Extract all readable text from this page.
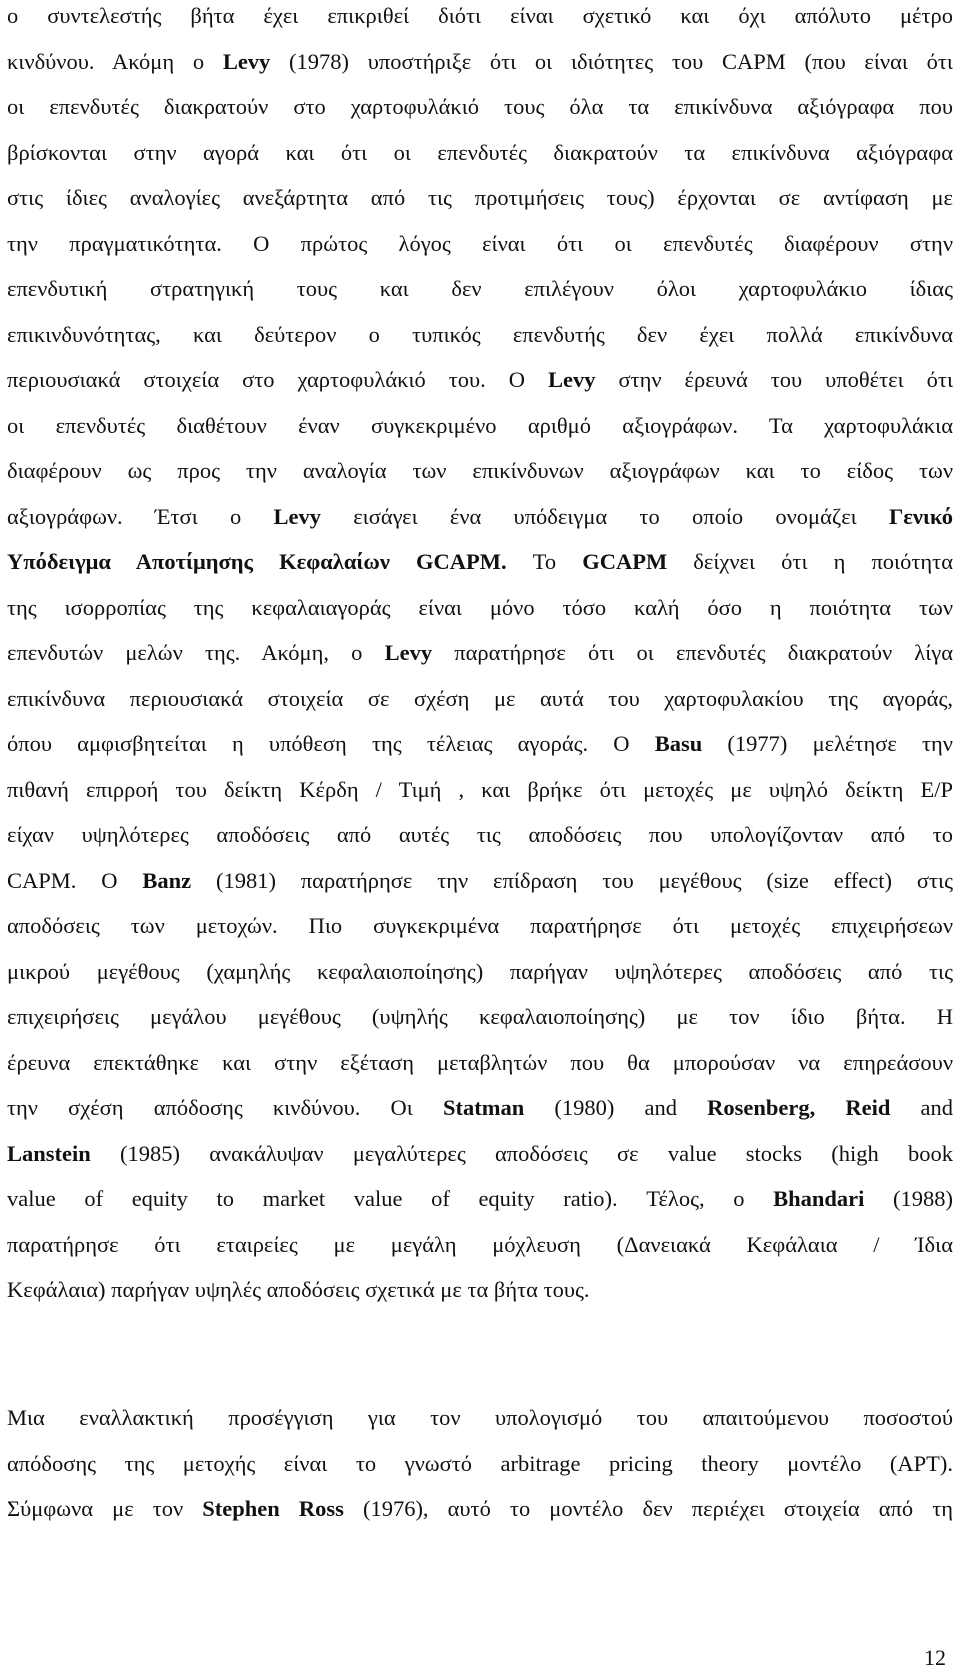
ο συντελεστής βήτα έχει επικριθεί διότι είναι σχετικό και όχι απόλυτο μέτρο
κινδύνου. Ακόμη ο Levy (1978) υποστήριξε ότι οι ιδιότητες του CAPM (που είναι ότι
οι επενδυτές διακρατούν στο χαρτοφυλάκιό τους όλα τα επικίνδυνα αξιόγραφα που
βρίσκονται στην αγορά και ότι οι επενδυτές διακρατούν τα επικίνδυνα αξιόγραφα
στις ίδιες αναλογίες ανεξάρτητα από τις προτιμήσεις τους) έρχονται σε αντίφαση με
την πραγματικότητα. Ο πρώτος λόγος είναι ότι οι επενδυτές διαφέρουν στην
επενδυτική στρατηγική τους και δεν επιλέγουν όλοι χαρτοφυλάκιο ίδιας
επικινδυνότητας, και δεύτερον ο τυπικός επενδυτής δεν έχει πολλά επικίνδυνα
περιουσιακά στοιχεία στο χαρτοφυλάκιό του. Ο Levy στην έρευνά του υποθέτει ότι
οι επενδυτές διαθέτουν έναν συγκεκριμένο αριθμό αξιογράφων. Τα χαρτοφυλάκια
διαφέρουν ως προς την αναλογία των επικίνδυνων αξιογράφων και το είδος των
αξιογράφων. Έτσι ο Levy εισάγει ένα υπόδειγμα το οποίο ονομάζει Γενικό
Υπόδειγμα Αποτίμησης Κεφαλαίων GCAPM. Το GCAPM δείχνει ότι η ποιότητα
της ισορροπίας της κεφαλαιαγοράς είναι μόνο τόσο καλή όσο η ποιότητα των
επενδυτών μελών της. Ακόμη, ο Levy παρατήρησε ότι οι επενδυτές διακρατούν λίγα
επικίνδυνα περιουσιακά στοιχεία σε σχέση με αυτά του χαρτοφυλακίου της αγοράς,
όπου αμφισβητείται η υπόθεση της τέλειας αγοράς. Ο Basu (1977) μελέτησε την
πιθανή επιρροή του δείκτη Κέρδη / Τιμή , και βρήκε ότι μετοχές με υψηλό δείκτη Ε/Ρ
είχαν υψηλότερες αποδόσεις από αυτές τις αποδόσεις που υπολογίζονταν από το
CAPM. Ο Banz (1981) παρατήρησε την επίδραση του μεγέθους (size effect) στις
αποδόσεις των μετοχών. Πιο συγκεκριμένα παρατήρησε ότι μετοχές επιχειρήσεων
μικρού μεγέθους (χαμηλής κεφαλαιοποίησης) παρήγαν υψηλότερες αποδόσεις από τις
επιχειρήσεις μεγάλου μεγέθους (υψηλής κεφαλαιοποίησης) με τον ίδιο βήτα. Η
έρευνα επεκτάθηκε και στην εξέταση μεταβλητών που θα μπορούσαν να επηρεάσουν
την σχέση απόδοσης κινδύνου. Οι Statman (1980) and Rosenberg, Reid and
Lanstein (1985) ανακάλυψαν μεγαλύτερες αποδόσεις σε value stocks (high book
value of equity to market value of equity ratio). Τέλος, ο Bhandari (1988)
παρατήρησε ότι εταιρείες με μεγάλη μόχλευση (Δανειακά Κεφάλαια / Ίδια
Κεφάλαια) παρήγαν υψηλές αποδόσεις σχετικά με τα βήτα τους.
Μια εναλλακτική προσέγγιση για τον υπολογισμό του απαιτούμενου ποσοστού
απόδοσης της μετοχής είναι το γνωστό arbitrage pricing theory μοντέλο (APT).
Σύμφωνα με τον Stephen Ross (1976), αυτό το μοντέλο δεν περιέχει στοιχεία από τη
12
